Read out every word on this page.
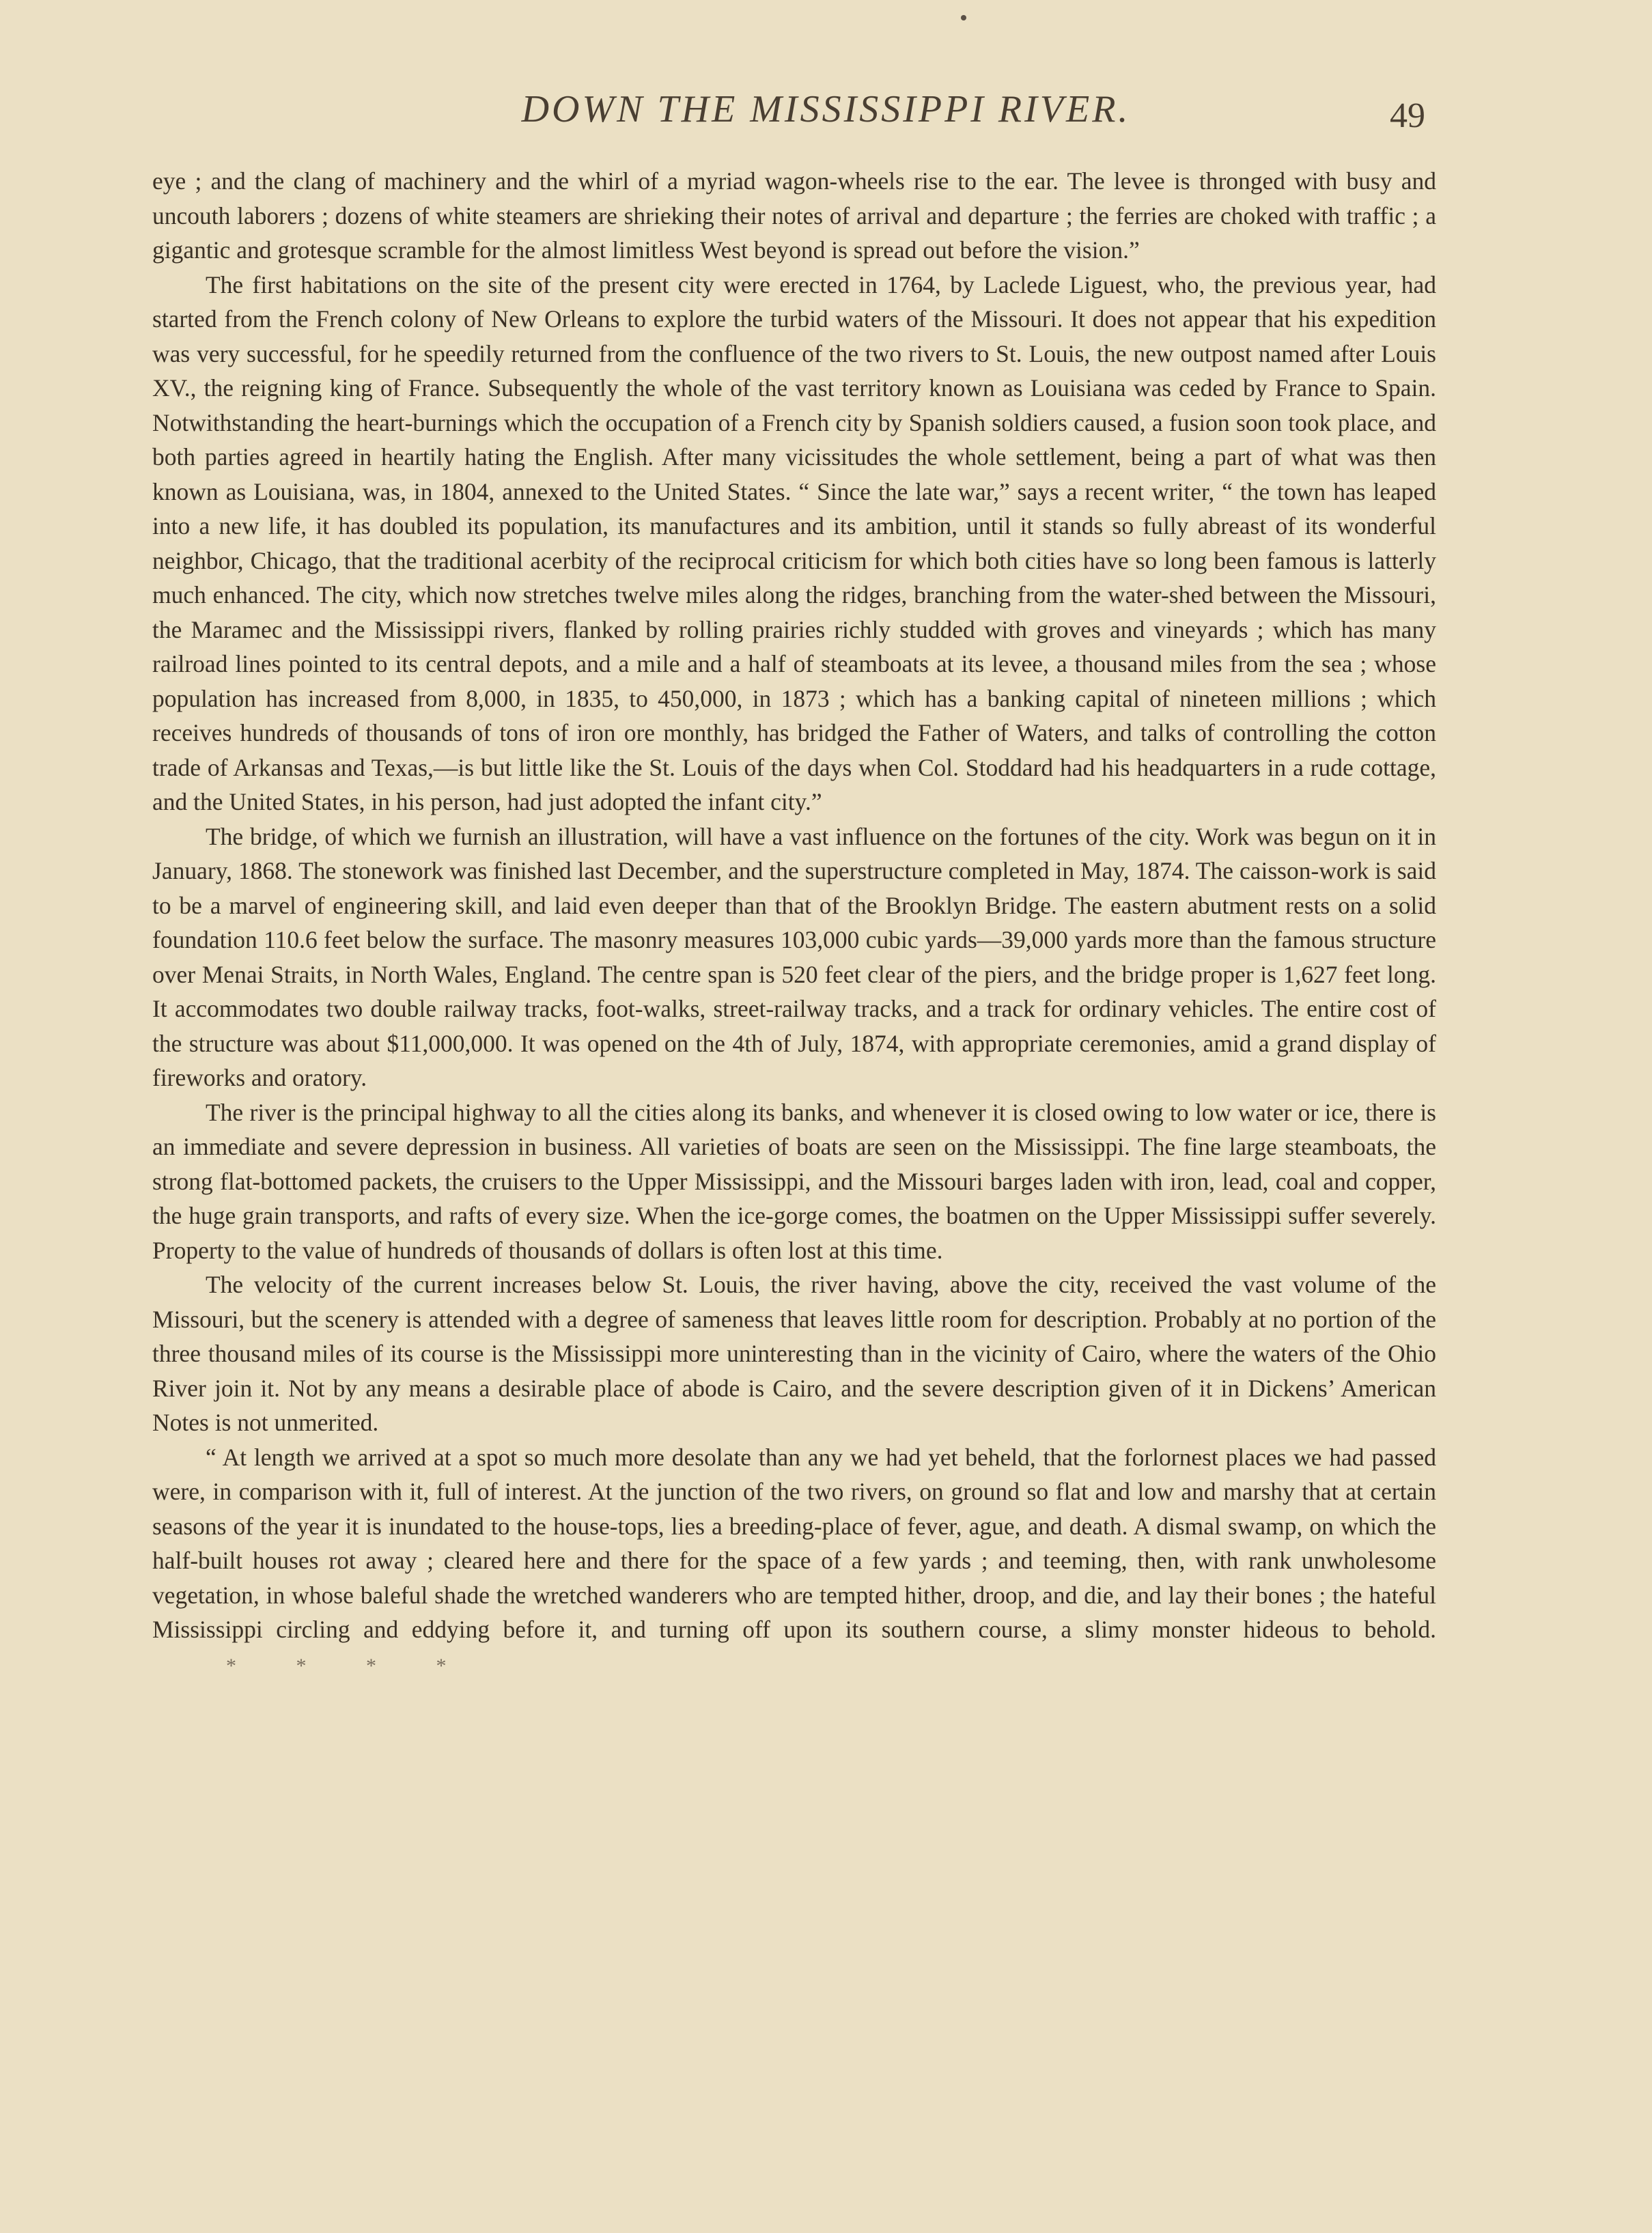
DOWN THE MISSISSIPPI RIVER.	49

eye ; and the clang of machinery and the whirl of a myriad wagon-wheels rise to the ear. The levee is thronged with busy and uncouth laborers ; dozens of white steamers are shrieking their notes of arrival and departure ; the ferries are choked with traffic ; a gigantic and grotesque scramble for the almost limitless West beyond is spread out before the vision.”

The first habitations on the site of the present city were erected in 1764, by Laclede Liguest, who, the previous year, had started from the French colony of New Orleans to explore the turbid waters of the Missouri. It does not appear that his expedition was very successful, for he speedily returned from the confluence of the two rivers to St. Louis, the new outpost named after Louis XV., the reigning king of France. Subsequently the whole of the vast territory known as Louisiana was ceded by France to Spain. Notwithstanding the heart-burnings which the occupation of a French city by Spanish soldiers caused, a fusion soon took place, and both parties agreed in heartily hating the English. After many vicissitudes the whole settlement, being a part of what was then known as Louisiana, was, in 1804, annexed to the United States. “ Since the late war,” says a recent writer, “ the town has leaped into a new life, it has doubled its population, its manufactures and its ambition, until it stands so fully abreast of its wonderful neighbor, Chicago, that the traditional acerbity of the reciprocal criticism for which both cities have so long been famous is latterly much enhanced. The city, which now stretches twelve miles along the ridges, branching from the water-shed between the Missouri, the Maramec and the Mississippi rivers, flanked by rolling prairies richly studded with groves and vineyards ; which has many railroad lines pointed to its central depots, and a mile and a half of steamboats at its levee, a thousand miles from the sea ; whose population has increased from 8,000, in 1835, to 450,000, in 1873 ; which has a banking capital of nineteen millions ; which receives hundreds of thousands of tons of iron ore monthly, has bridged the Father of Waters, and talks of controlling the cotton trade of Arkansas and Texas,—is but little like the St. Louis of the days when Col. Stoddard had his headquarters in a rude cottage, and the United States, in his person, had just adopted the infant city.”

The bridge, of which we furnish an illustration, will have a vast influence on the fortunes of the city. Work was begun on it in January, 1868. The stonework was finished last December, and the superstructure completed in May, 1874. The caisson-work is said to be a marvel of engineering skill, and laid even deeper than that of the Brooklyn Bridge. The eastern abutment rests on a solid foundation 110.6 feet below the surface. The masonry measures 103,000 cubic yards—39,000 yards more than the famous structure over Menai Straits, in North Wales, England. The centre span is 520 feet clear of the piers, and the bridge proper is 1,627 feet long. It accommodates two double railway tracks, foot-walks, street-railway tracks, and a track for ordinary vehicles. The entire cost of the structure was about $11,000,000. It was opened on the 4th of July, 1874, with appropriate ceremonies, amid a grand display of fireworks and oratory.

The river is the principal highway to all the cities along its banks, and whenever it is closed owing to low water or ice, there is an immediate and severe depression in business. All varieties of boats are seen on the Mississippi. The fine large steamboats, the strong flat-bottomed packets, the cruisers to the Upper Mississippi, and the Missouri barges laden with iron, lead, coal and copper, the huge grain transports, and rafts of every size. When the ice-gorge comes, the boatmen on the Upper Mississippi suffer severely. Property to the value of hundreds of thousands of dollars is often lost at this time.

The velocity of the current increases below St. Louis, the river having, above the city, received the vast volume of the Missouri, but the scenery is attended with a degree of sameness that leaves little room for description. Probably at no portion of the three thousand miles of its course is the Mississippi more uninteresting than in the vicinity of Cairo, where the waters of the Ohio River join it. Not by any means a desirable place of abode is Cairo, and the severe description given of it in Dickens’ American Notes is not unmerited.

“ At length we arrived at a spot so much more desolate than any we had yet beheld, that the forlornest places we had passed were, in comparison with it, full of interest. At the junction of the two rivers, on ground so flat and low and marshy that at certain seasons of the year it is inundated to the house-tops, lies a breeding-place of fever, ague, and death. A dismal swamp, on which the half-built houses rot away ; cleared here and there for the space of a few yards ; and teeming, then, with rank unwholesome vegetation, in whose baleful shade the wretched wanderers who are tempted hither, droop, and die, and lay their bones ; the hateful Mississippi circling and eddying before it, and turning off upon its southern course, a slimy monster hideous to behold.* * * *
